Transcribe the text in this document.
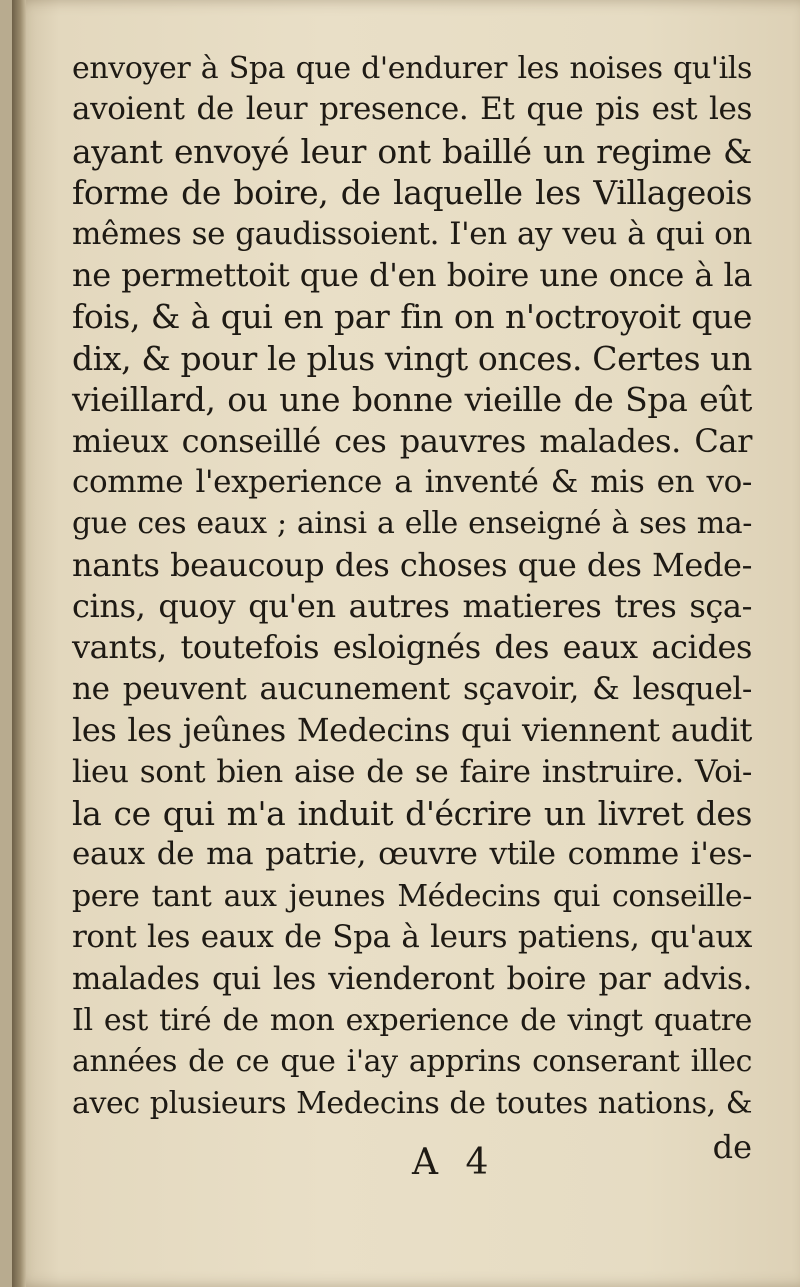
envoyer à Spa que d'endurer les noises qu'ils
avoient de leur presence. Et que pis est les
ayant envoyé leur ont baillé un regime &
forme de boire, de laquelle les Villageois
mêmes se gaudissoient. I'en ay veu à qui on
ne permettoit que d'en boire une once à la
fois, & à qui en par fin on n'octroyoit que
dix, & pour le plus vingt onces. Certes un
vieillard, ou une bonne vieille de Spa eût
mieux conseillé ces pauvres malades. Car
comme l'experience a inventé & mis en vo-
gue ces eaux ; ainsi a elle enseigné à ses ma-
nants beaucoup des choses que des Mede-
cins, quoy qu'en autres matieres tres sça-
vants, toutefois esloignés des eaux acides
ne peuvent aucunement sçavoir, & lesquel-
les les jeûnes Medecins qui viennent audit
lieu sont bien aise de se faire instruire. Voi-
la ce qui m'a induit d'écrire un livret des
eaux de ma patrie, œuvre vtile comme i'es-
pere tant aux jeunes Médecins qui conseille-
ront les eaux de Spa à leurs patiens, qu'aux
malades qui les vienderont boire par advis.
Il est tiré de mon experience de vingt quatre
années de ce que i'ay apprins conserant illec
avec plusieurs Medecins de toutes nations, &
A 4	de
